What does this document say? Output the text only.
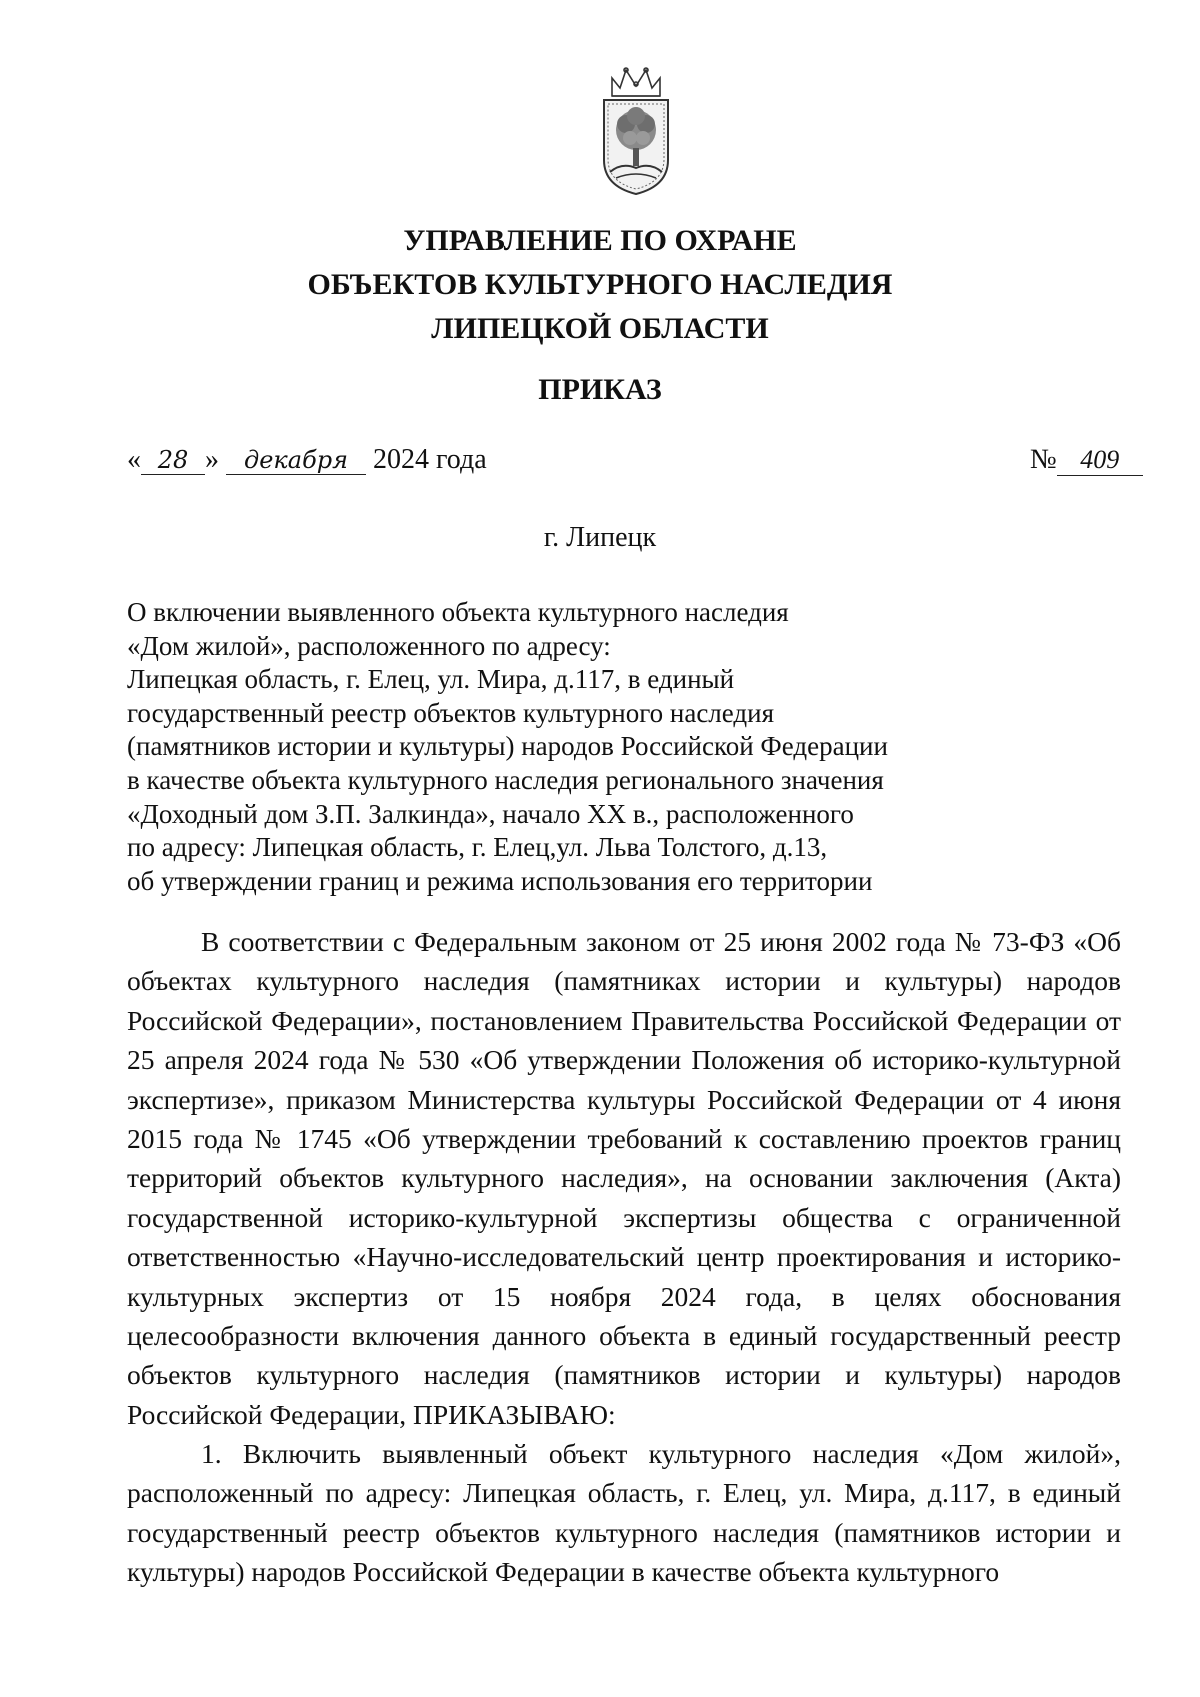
УПРАВЛЕНИЕ ПО ОХРАНЕ
ОБЪЕКТОВ КУЛЬТУРНОГО НАСЛЕДИЯ
ЛИПЕЦКОЙ ОБЛАСТИ
ПРИКАЗ
« 28 » декабря 2024 года	№ 409
г. Липецк
О включении выявленного объекта культурного наследия
«Дом жилой», расположенного по адресу:
Липецкая область, г. Елец, ул. Мира, д.117, в единый
государственный реестр объектов культурного наследия
(памятников истории и культуры) народов Российской Федерации
в качестве объекта культурного наследия регионального значения
«Доходный дом З.П. Залкинда», начало XX в., расположенного
по адресу: Липецкая область, г. Елец,ул. Льва Толстого, д.13,
об утверждении границ и режима использования его территории

В соответствии с Федеральным законом от 25 июня 2002 года № 73-ФЗ «Об объектах культурного наследия (памятниках истории и культуры) народов Российской Федерации», постановлением Правительства Российской Федерации от 25 апреля 2024 года № 530 «Об утверждении Положения об историко-культурной экспертизе», приказом Министерства культуры Российской Федерации от 4 июня 2015 года № 1745 «Об утверждении требований к составлению проектов границ территорий объектов культурного наследия», на основании заключения (Акта) государственной историко-культурной экспертизы общества с ограниченной ответственностью «Научно-исследовательский центр проектирования и историко-культурных экспертиз от 15 ноября 2024 года, в целях обоснования целесообразности включения данного объекта в единый государственный реестр объектов культурного наследия (памятников истории и культуры) народов Российской Федерации, ПРИКАЗЫВАЮ:

1. Включить выявленный объект культурного наследия «Дом жилой», расположенный по адресу: Липецкая область, г. Елец, ул. Мира, д.117, в единый государственный реестр объектов культурного наследия (памятников истории и культуры) народов Российской Федерации в качестве объекта культурного
